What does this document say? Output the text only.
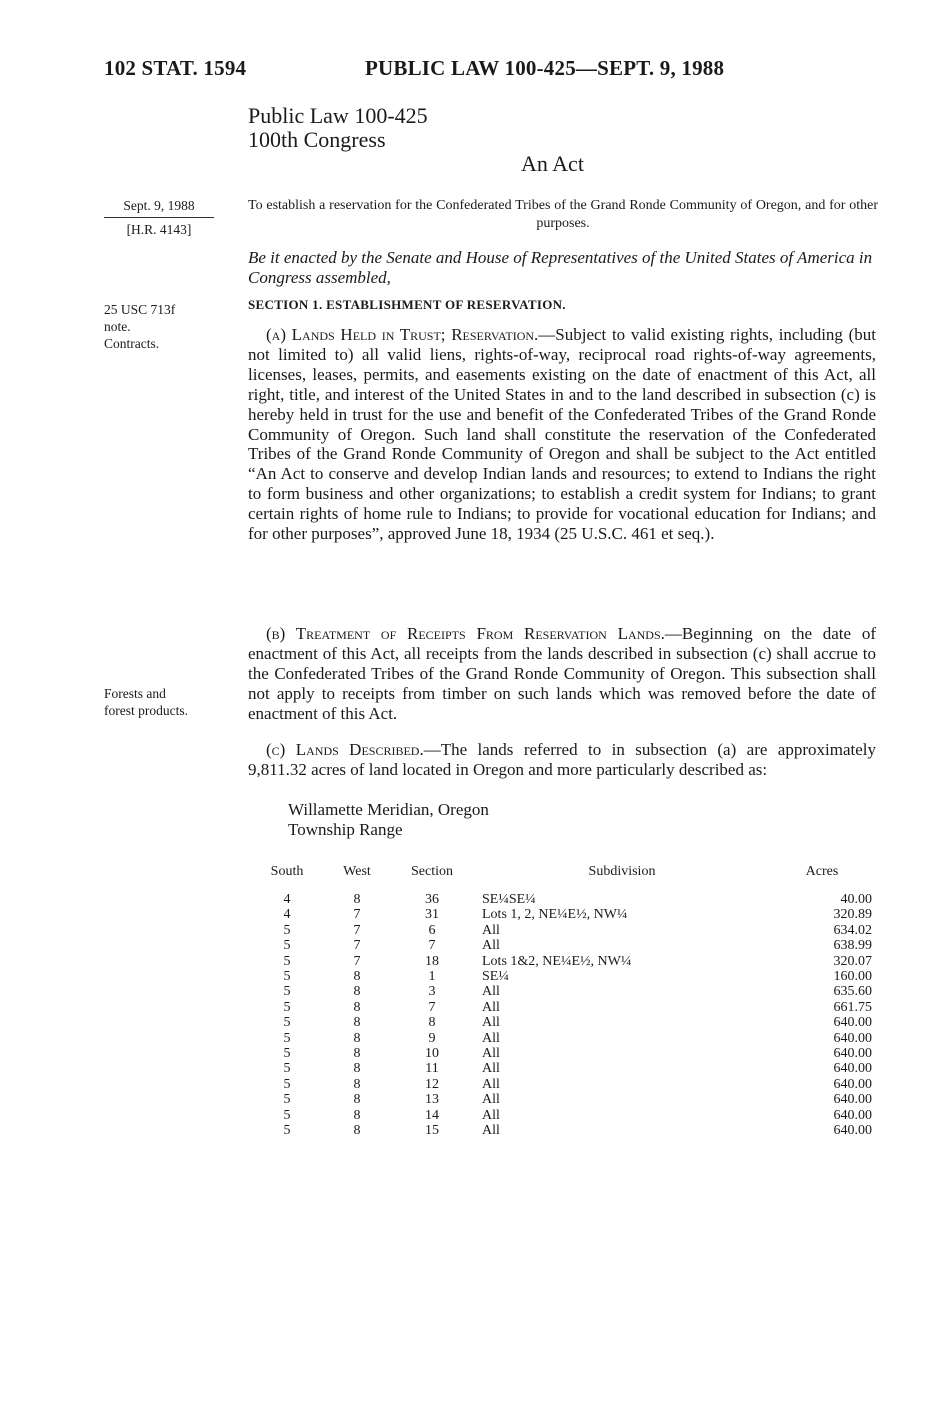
102 STAT. 1594	PUBLIC LAW 100-425—SEPT. 9, 1988
Public Law 100-425
100th Congress
An Act
Sept. 9, 1988
[H.R. 4143]
25 USC 713f
note.
Contracts.
Forests and
forest products.
To establish a reservation for the Confederated Tribes of the Grand Ronde Community of Oregon, and for other purposes.
Be it enacted by the Senate and House of Representatives of the United States of America in Congress assembled,
SECTION 1. ESTABLISHMENT OF RESERVATION.

(a) Lands Held in Trust; Reservation.—Subject to valid existing rights, including (but not limited to) all valid liens, rights-of-way, reciprocal road rights-of-way agreements, licenses, leases, permits, and easements existing on the date of enactment of this Act, all right, title, and interest of the United States in and to the land described in subsection (c) is hereby held in trust for the use and benefit of the Confederated Tribes of the Grand Ronde Community of Oregon. Such land shall constitute the reservation of the Confederated Tribes of the Grand Ronde Community of Oregon and shall be subject to the Act entitled “An Act to conserve and develop Indian lands and resources; to extend to Indians the right to form business and other organizations; to establish a credit system for Indians; to grant certain rights of home rule to Indians; to provide for vocational education for Indians; and for other purposes”, approved June 18, 1934 (25 U.S.C. 461 et seq.).

(b) Treatment of Receipts From Reservation Lands.—Beginning on the date of enactment of this Act, all receipts from the lands described in subsection (c) shall accrue to the Confederated Tribes of the Grand Ronde Community of Oregon. This subsection shall not apply to receipts from timber on such lands which was removed before the date of enactment of this Act.

(c) Lands Described.—The lands referred to in subsection (a) are approximately 9,811.32 acres of land located in Oregon and more particularly described as:

Willamette Meridian, Oregon
Township Range
South	West	Section	Subdivision	Acres
4	8	36	SE¼SE¼	40.00
4	7	31	Lots 1, 2, NE¼E½, NW¼	320.89
5	7	6	All	634.02
5	7	7	All	638.99
5	7	18	Lots 1&2, NE¼E½, NW¼	320.07
5	8	1	SE¼	160.00
5	8	3	All	635.60
5	8	7	All	661.75
5	8	8	All	640.00
5	8	9	All	640.00
5	8	10	All	640.00
5	8	11	All	640.00
5	8	12	All	640.00
5	8	13	All	640.00
5	8	14	All	640.00
5	8	15	All	640.00
